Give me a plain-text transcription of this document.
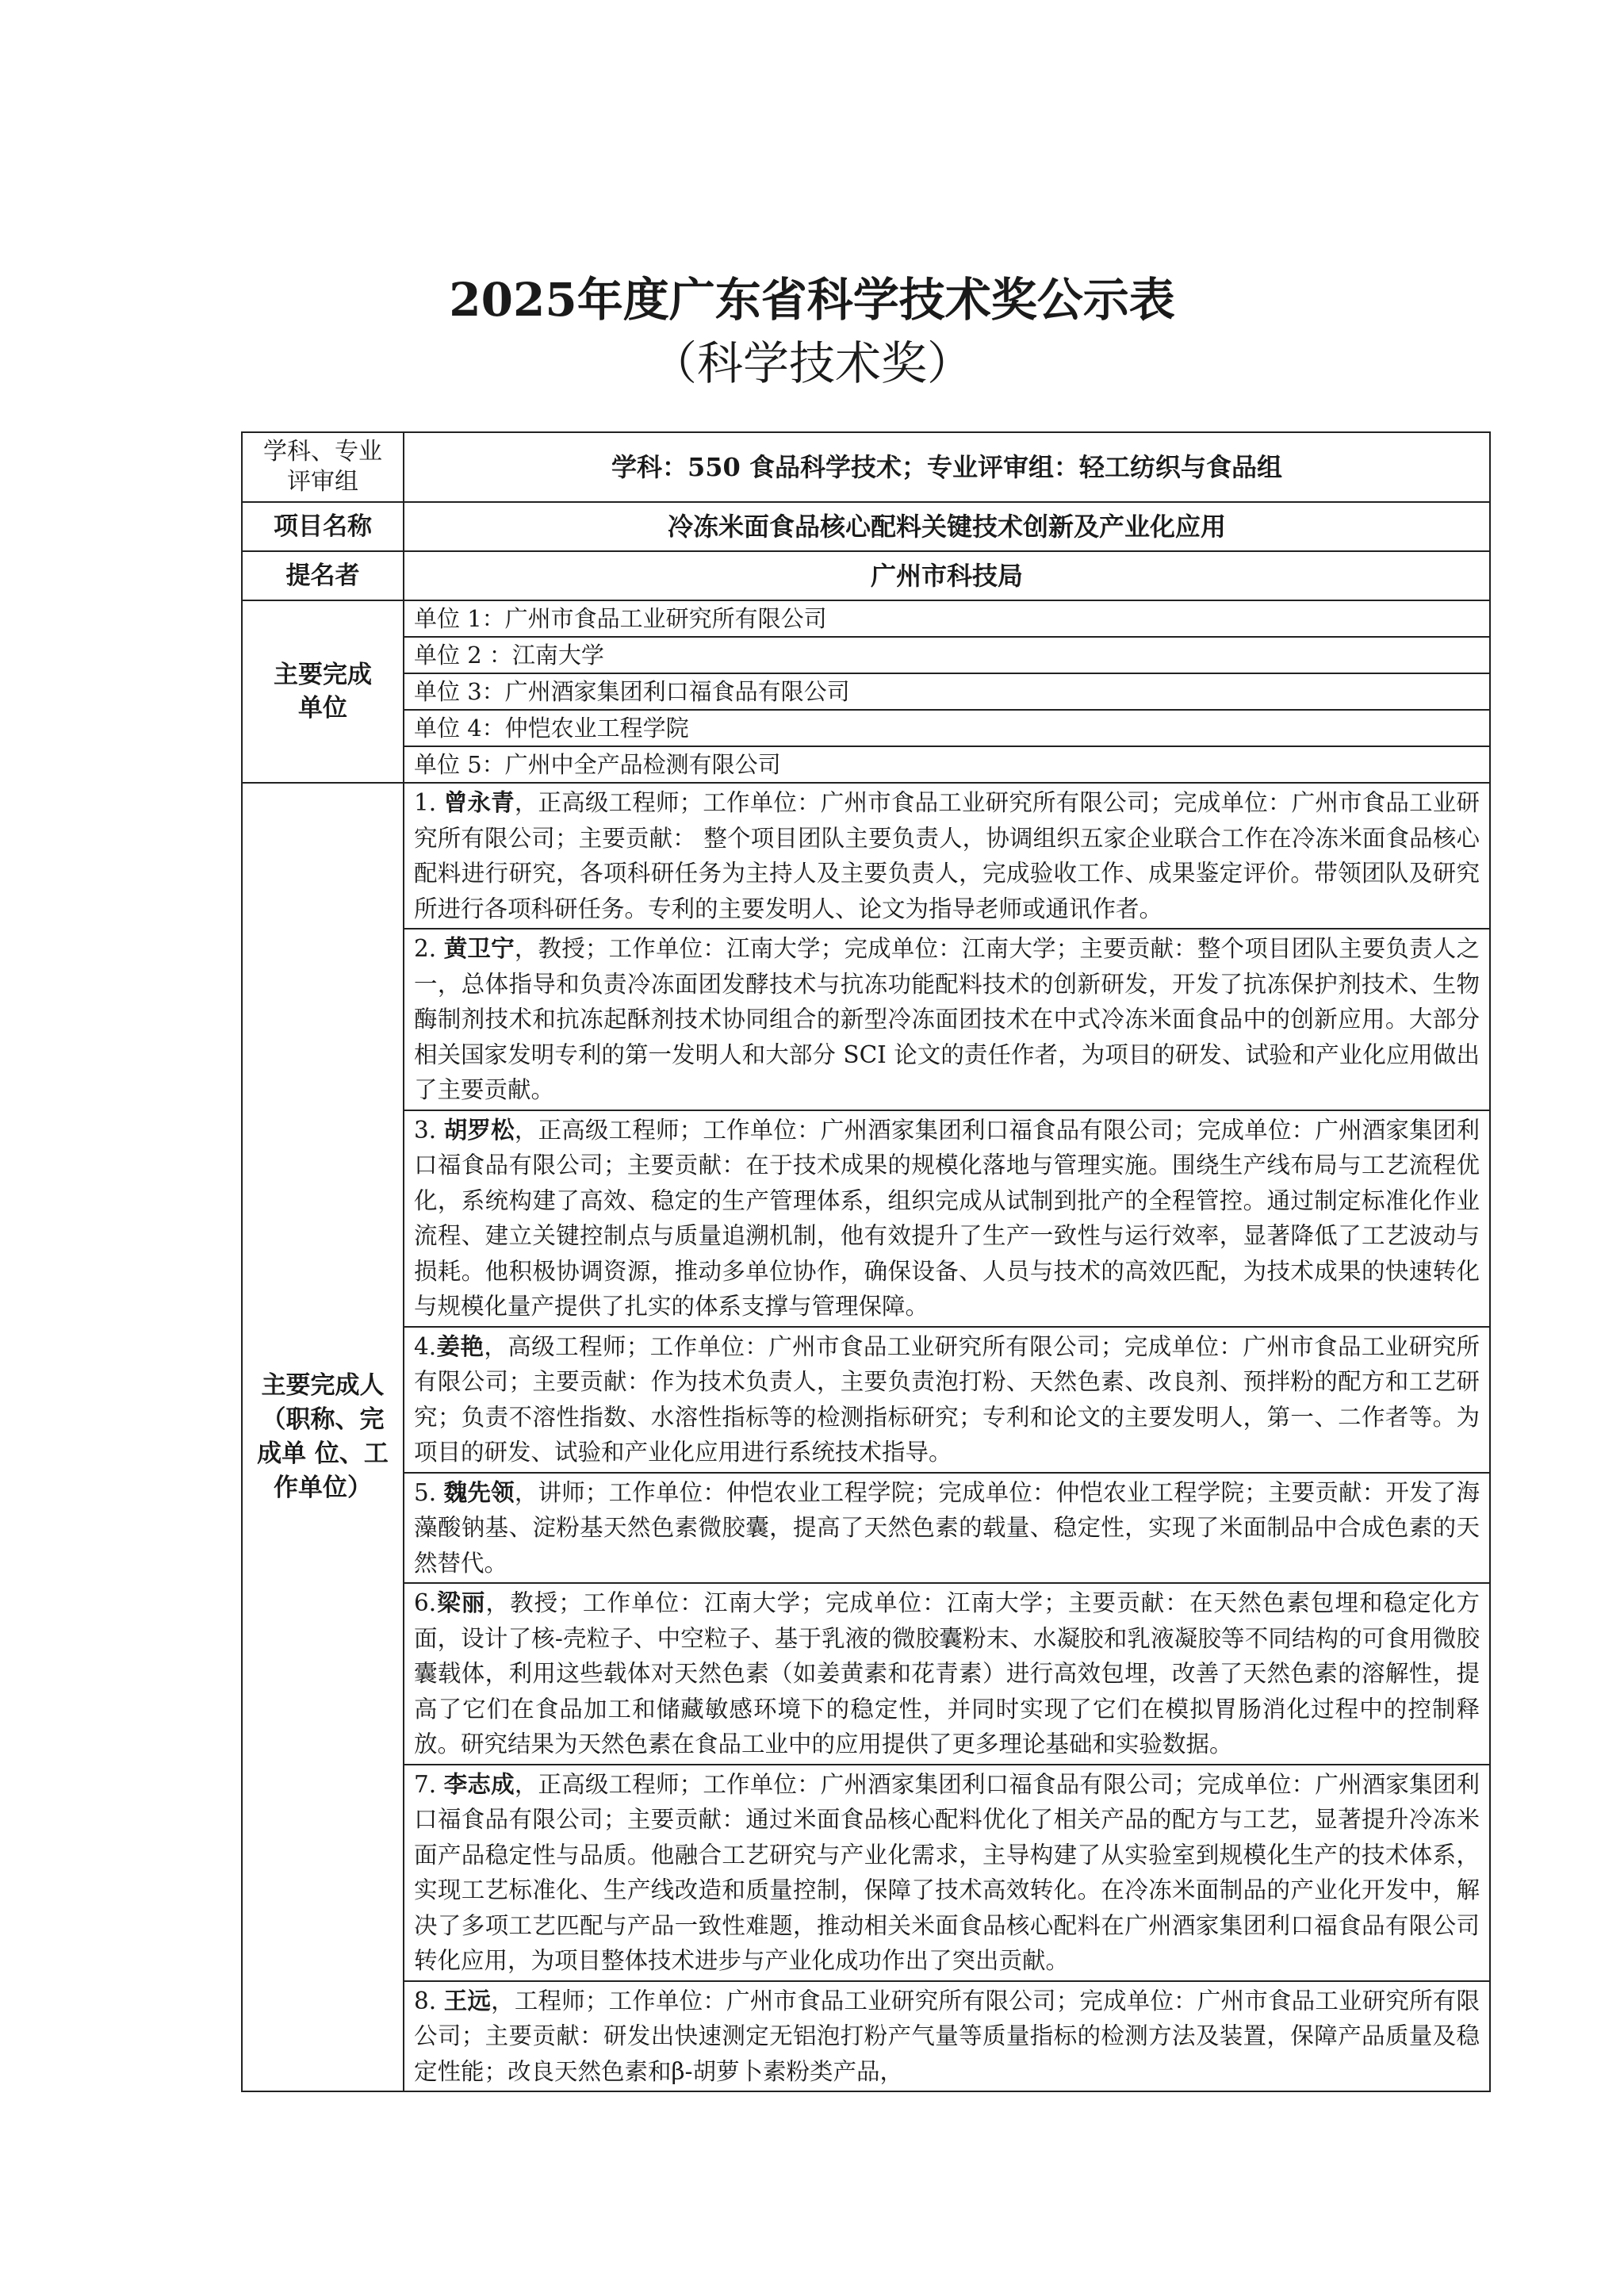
2025年度广东省科学技术奖公示表
（科学技术奖）
学科、专业评审组	学科：550 食品科学技术；专业评审组：轻工纺织与食品组
项目名称	冷冻米面食品核心配料关键技术创新及产业化应用
提名者	广州市科技局
主要完成单位	单位 1：广州市食品工业研究所有限公司
	单位 2 ：江南大学
	单位 3：广州酒家集团利口福食品有限公司
	单位 4：仲恺农业工程学院
	单位 5：广州中全产品检测有限公司
主要完成人（职称、完成单 位、工作单位）	1. 曾永青，正高级工程师；工作单位：广州市食品工业研究所有限公司；完成单位：广州市食品工业研究所有限公司；主要贡献： 整个项目团队主要负责人，协调组织五家企业联合工作在冷冻米面食品核心配料进行研究，各项科研任务为主持人及主要负责人，完成验收工作、成果鉴定评价。带领团队及研究所进行各项科研任务。专利的主要发明人、论文为指导老师或通讯作者。
	2. 黄卫宁，教授；工作单位：江南大学；完成单位：江南大学；主要贡献：整个项目团队主要负责人之一，总体指导和负责冷冻面团发酵技术与抗冻功能配料技术的创新研发，开发了抗冻保护剂技术、生物酶制剂技术和抗冻起酥剂技术协同组合的新型冷冻面团技术在中式冷冻米面食品中的创新应用。大部分相关国家发明专利的第一发明人和大部分 SCI 论文的责任作者，为项目的研发、试验和产业化应用做出了主要贡献。
	3. 胡罗松，正高级工程师；工作单位：广州酒家集团利口福食品有限公司；完成单位：广州酒家集团利口福食品有限公司；主要贡献：在于技术成果的规模化落地与管理实施。围绕生产线布局与工艺流程优化，系统构建了高效、稳定的生产管理体系，组织完成从试制到批产的全程管控。通过制定标准化作业流程、建立关键控制点与质量追溯机制，他有效提升了生产一致性与运行效率，显著降低了工艺波动与损耗。他积极协调资源，推动多单位协作，确保设备、人员与技术的高效匹配，为技术成果的快速转化与规模化量产提供了扎实的体系支撑与管理保障。
	4.姜艳，高级工程师；工作单位：广州市食品工业研究所有限公司；完成单位：广州市食品工业研究所有限公司；主要贡献：作为技术负责人，主要负责泡打粉、天然色素、改良剂、预拌粉的配方和工艺研究；负责不溶性指数、水溶性指标等的检测指标研究；专利和论文的主要发明人，第一、二作者等。为项目的研发、试验和产业化应用进行系统技术指导。
	5. 魏先领，讲师；工作单位：仲恺农业工程学院；完成单位：仲恺农业工程学院；主要贡献：开发了海藻酸钠基、淀粉基天然色素微胶囊，提高了天然色素的载量、稳定性，实现了米面制品中合成色素的天然替代。
	6.梁丽，教授；工作单位：江南大学；完成单位：江南大学；主要贡献：在天然色素包埋和稳定化方面，设计了核-壳粒子、中空粒子、基于乳液的微胶囊粉末、水凝胶和乳液凝胶等不同结构的可食用微胶囊载体，利用这些载体对天然色素（如姜黄素和花青素）进行高效包埋，改善了天然色素的溶解性，提高了它们在食品加工和储藏敏感环境下的稳定性，并同时实现了它们在模拟胃肠消化过程中的控制释放。研究结果为天然色素在食品工业中的应用提供了更多理论基础和实验数据。
	7. 李志成，正高级工程师；工作单位：广州酒家集团利口福食品有限公司；完成单位：广州酒家集团利口福食品有限公司；主要贡献：通过米面食品核心配料优化了相关产品的配方与工艺，显著提升冷冻米面产品稳定性与品质。他融合工艺研究与产业化需求，主导构建了从实验室到规模化生产的技术体系，实现工艺标准化、生产线改造和质量控制，保障了技术高效转化。在冷冻米面制品的产业化开发中，解决了多项工艺匹配与产品一致性难题，推动相关米面食品核心配料在广州酒家集团利口福食品有限公司转化应用，为项目整体技术进步与产业化成功作出了突出贡献。
	8. 王远，工程师；工作单位：广州市食品工业研究所有限公司；完成单位：广州市食品工业研究所有限公司；主要贡献：研发出快速测定无铝泡打粉产气量等质量指标的检测方法及装置，保障产品质量及稳定性能；改良天然色素和β-胡萝卜素粉类产品，
